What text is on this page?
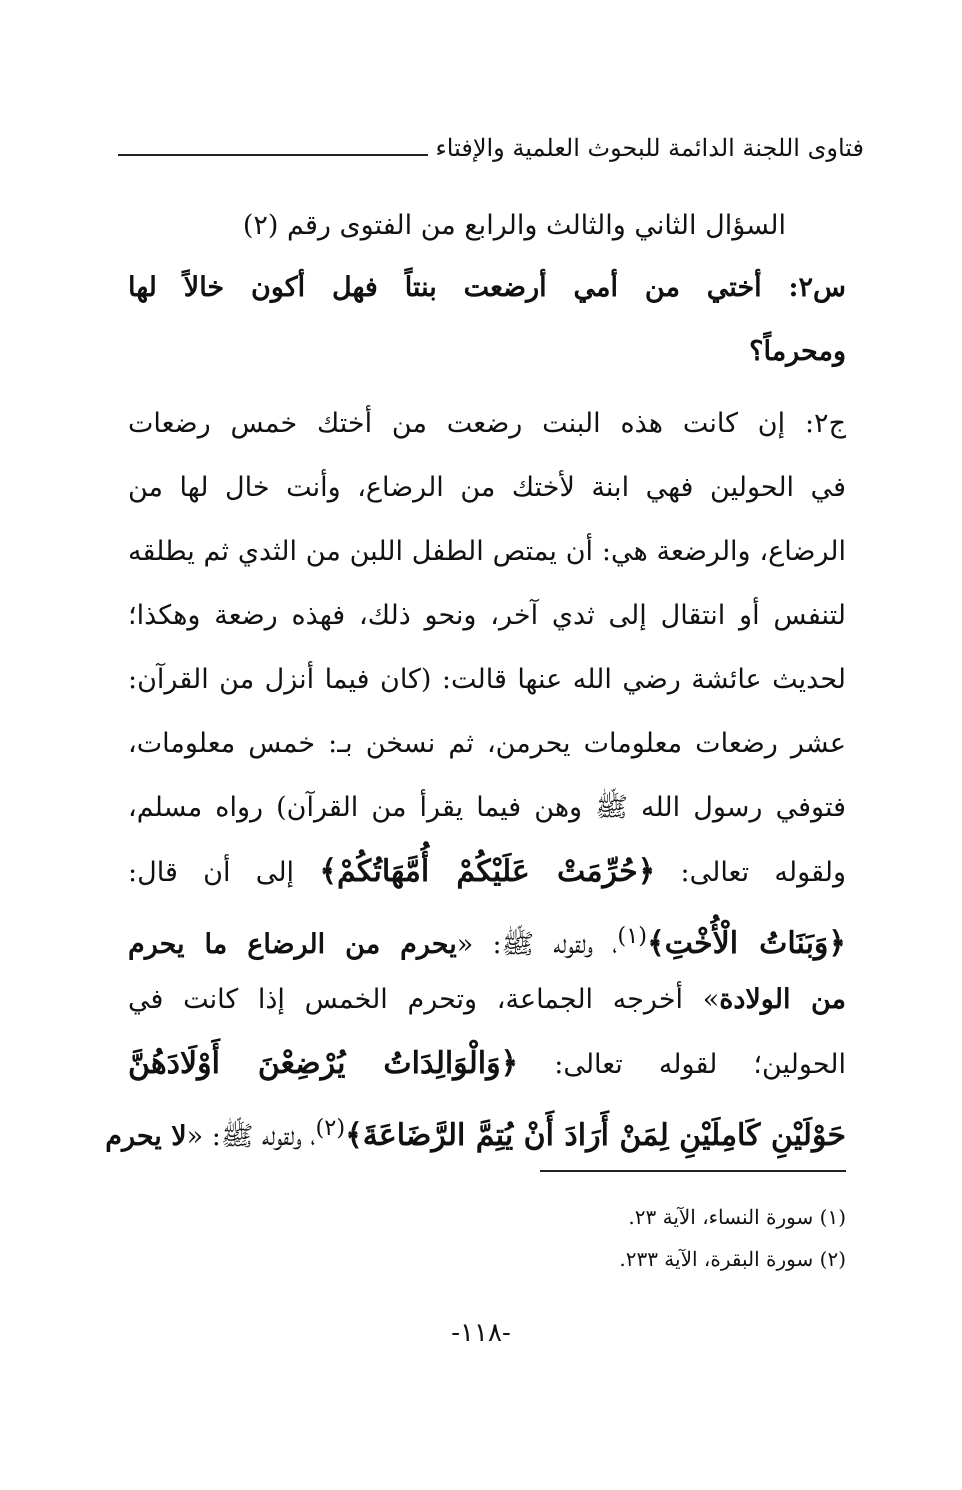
فتاوى اللجنة الدائمة للبحوث العلمية والإفتاء
السؤال الثاني والثالث والرابع من الفتوى رقم (٢)
س٢: أختي من أمي أرضعت بنتاً فهل أكون خالاً لها
ومحرماً؟
ج٢: إن كانت هذه البنت رضعت من أختك خمس رضعات
في الحولين فهي ابنة لأختك من الرضاع، وأنت خال لها من
الرضاع، والرضعة هي: أن يمتص الطفل اللبن من الثدي ثم يطلقه
لتنفس أو انتقال إلى ثدي آخر، ونحو ذلك، فهذه رضعة وهكذا؛
لحديث عائشة رضي الله عنها قالت: (كان فيما أنزل من القرآن:
عشر رضعات معلومات يحرمن، ثم نسخن بـ: خمس معلومات،
فتوفي رسول الله ﷺ وهن فيما يقرأ من القرآن) رواه مسلم،
ولقوله تعالى: ﴿حُرِّمَتْ عَلَيْكُمْ أُمَّهَاتُكُمْ﴾ إلى أن قال:
﴿وَبَنَاتُ الْأُخْتِ﴾$^{(١)}$، ولقوله ﷺ: «يحرم من الرضاع ما يحرم
من الولادة» أخرجه الجماعة، وتحرم الخمس إذا كانت في
الحولين؛ لقوله تعالى: ﴿وَالْوَالِدَاتُ يُرْضِعْنَ أَوْلَادَهُنَّ
حَوْلَيْنِ كَامِلَيْنِ لِمَنْ أَرَادَ أَنْ يُتِمَّ الرَّضَاعَةَ﴾$^{(٢)}$، ولقوله ﷺ: «لا يحرم
(١) سورة النساء، الآية ٢٣.
(٢) سورة البقرة، الآية ٢٣٣.
-١١٨-
